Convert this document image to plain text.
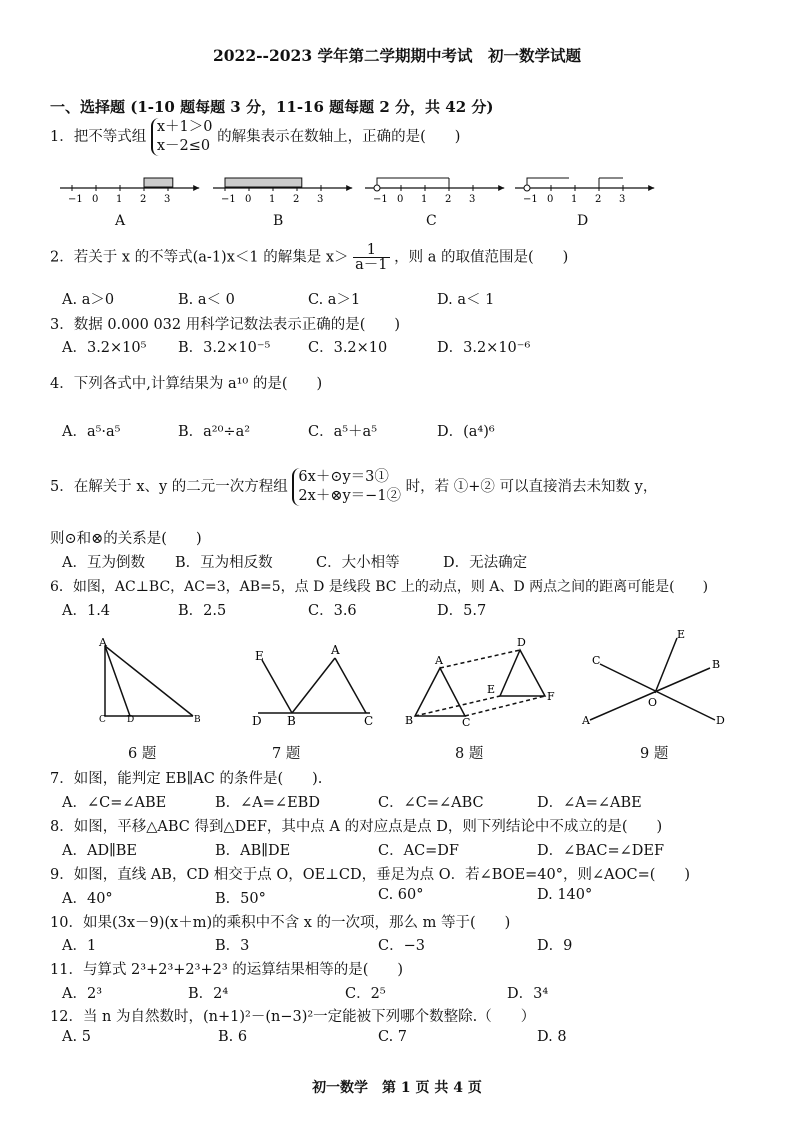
2022--2023 学年第二学期期中考试　初一数学试题
一、选择题 (1-10 题每题 3 分，11-16 题每题 2 分，共 42 分)
1．把不等式组
x＋1＞0
x－2≤0
的解集表示在数轴上，正确的是(　　)
−1 0 1 2 3	−1 0 1 2 3	−1 0 1 2 3	−1 0 1 2 3
A	B	C	D
2．若关于 x 的不等式(a-1)x＜1 的解集是 $x> \frac{1}{a-1}$ ，则 a 的取值范围是(　　)
A. a＞0	B. a＜ 0	C. a＞1	D. a＜ 1
3．数据 0.000 032 用科学记数法表示正确的是(　　)
A．3.2×10⁵ B．3.2×10⁻⁵	C．3.2×10	D．3.2×10⁻⁶
4．下列各式中,计算结果为 a¹⁰ 的是(　　)
A．a⁵·a⁵	B．a²⁰÷a²	C．a⁵＋a⁵	D．(a⁴)⁶
5．在解关于 x、y 的二元一次方程组
6x＋⊙y＝3①
2x＋⊗y＝−1②
时，若 ①+② 可以直接消去未知数 y，
则⊙和⊗的关系是(　　)
A．互为倒数 B．互为相反数	C．大小相等	D．无法确定
6．如图，AC⊥BC，AC=3，AB=5，点 D 是线段 BC 上的动点，则 A、D 两点之间的距离可能是(　　)
A．1.4	B．2.5	C．3.6	D．5.7
A
C D	B
E	A
D B	C
A
D
E
F
B	C
E
C	B
O
A	D
6 题	7 题	8 题	9 题
7．如图，能判定 EB∥AC 的条件是(　　).
A．∠C=∠ABE	B．∠A=∠EBD	C．∠C=∠ABC	D．∠A=∠ABE
8．如图，平移△ABC 得到△DEF，其中点 A 的对应点是点 D，则下列结论中不成立的是(　　)
A．AD∥BE	B．AB∥DE	C．AC=DF	D．∠BAC=∠DEF
9．如图，直线 AB，CD 相交于点 O，OE⊥CD，垂足为点 O．若∠BOE=40°，则∠AOC=(　　)
A．40°	B．50°	C. 60°	D. 140°
10．如果(3x－9)(x＋m)的乘积中不含 x 的一次项，那么 m 等于(　　)
A．1	B．3	C．−3	D．9
11．与算式 2³+2³+2³+2³ 的运算结果相等的是(　　)
A．2³	B．2⁴	C．2⁵	D．3⁴
12．当 n 为自然数时，(n+1)²－(n−3)²一定能被下列哪个数整除.（　　）
A. 5	B. 6	C. 7	D. 8
初一数学　第 1 页 共 4 页
